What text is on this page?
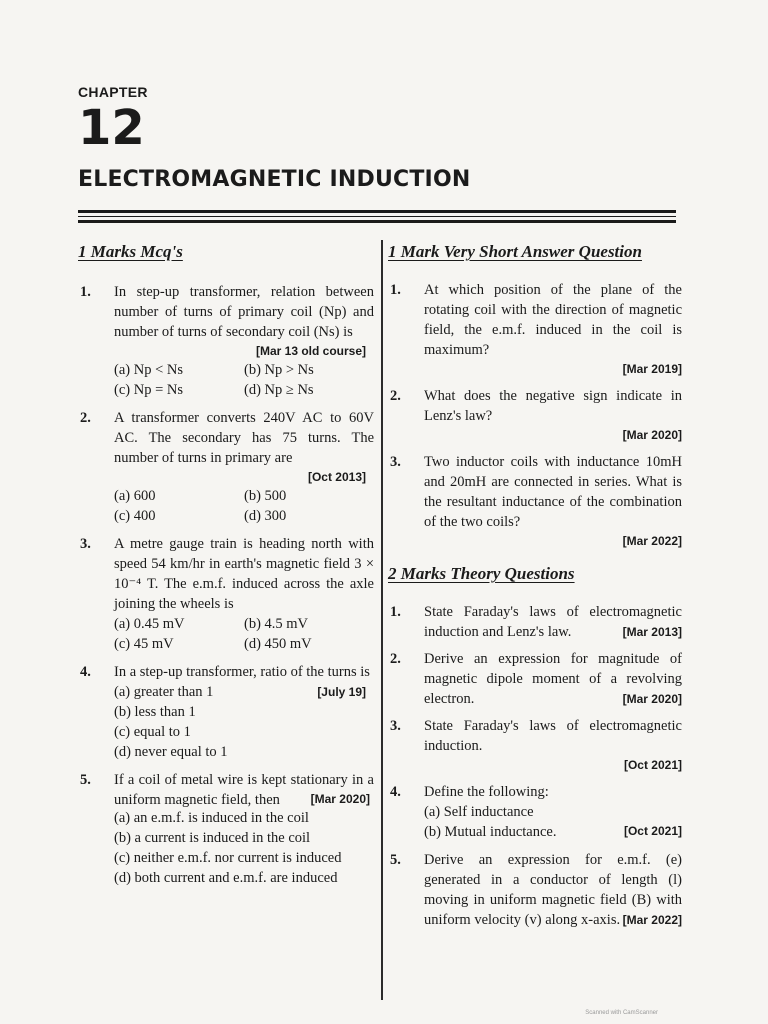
CHAPTER
12
ELECTROMAGNETIC INDUCTION
1 Marks Mcq's
1. In step-up transformer, relation between number of turns of primary coil (Np) and number of turns of secondary coil (Ns) is
[Mar 13 old course]
(a) Np < Ns	(b) Np > Ns
(c) Np = Ns	(d) Np ≥ Ns
2. A transformer converts 240V AC to 60V AC. The secondary has 75 turns. The number of turns in primary are
[Oct 2013]
(a) 600	(b) 500
(c) 400	(d) 300
3. A metre gauge train is heading north with speed 54 km/hr in earth's magnetic field 3 × 10⁻⁴ T. The e.m.f. induced across the axle joining the wheels is
(a) 0.45 mV	(b) 4.5 mV
(c) 45 mV	(d) 450 mV
4. In a step-up transformer, ratio of the turns is
[July 19]
(a) greater than 1
(b) less than 1
(c) equal to 1
(d) never equal to 1
5. If a coil of metal wire is kept stationary in a uniform magnetic field, then	[Mar 2020]
(a) an e.m.f. is induced in the coil
(b) a current is induced in the coil
(c) neither e.m.f. nor current is induced
(d) both current and e.m.f. are induced
1 Mark Very Short Answer Question
1. At which position of the plane of the rotating coil with the direction of magnetic field, the e.m.f. induced in the coil is maximum?
[Mar 2019]
2. What does the negative sign indicate in Lenz's law?
[Mar 2020]
3. Two inductor coils with inductance 10mH and 20mH are connected in series. What is the resultant inductance of the combination of the two coils?
[Mar 2022]
2 Marks Theory Questions
1. State Faraday's laws of electromagnetic induction and Lenz's law.	[Mar 2013]
2. Derive an expression for magnitude of magnetic dipole moment of a revolving electron.	[Mar 2020]
3. State Faraday's laws of electromagnetic induction.
[Oct 2021]
4. Define the following:
(a) Self inductance
(b) Mutual inductance.	[Oct 2021]
5. Derive an expression for e.m.f. (e) generated in a conductor of length (l) moving in uniform magnetic field (B) with uniform velocity (v) along x-axis. [Mar 2022]
Scanned with CamScanner
